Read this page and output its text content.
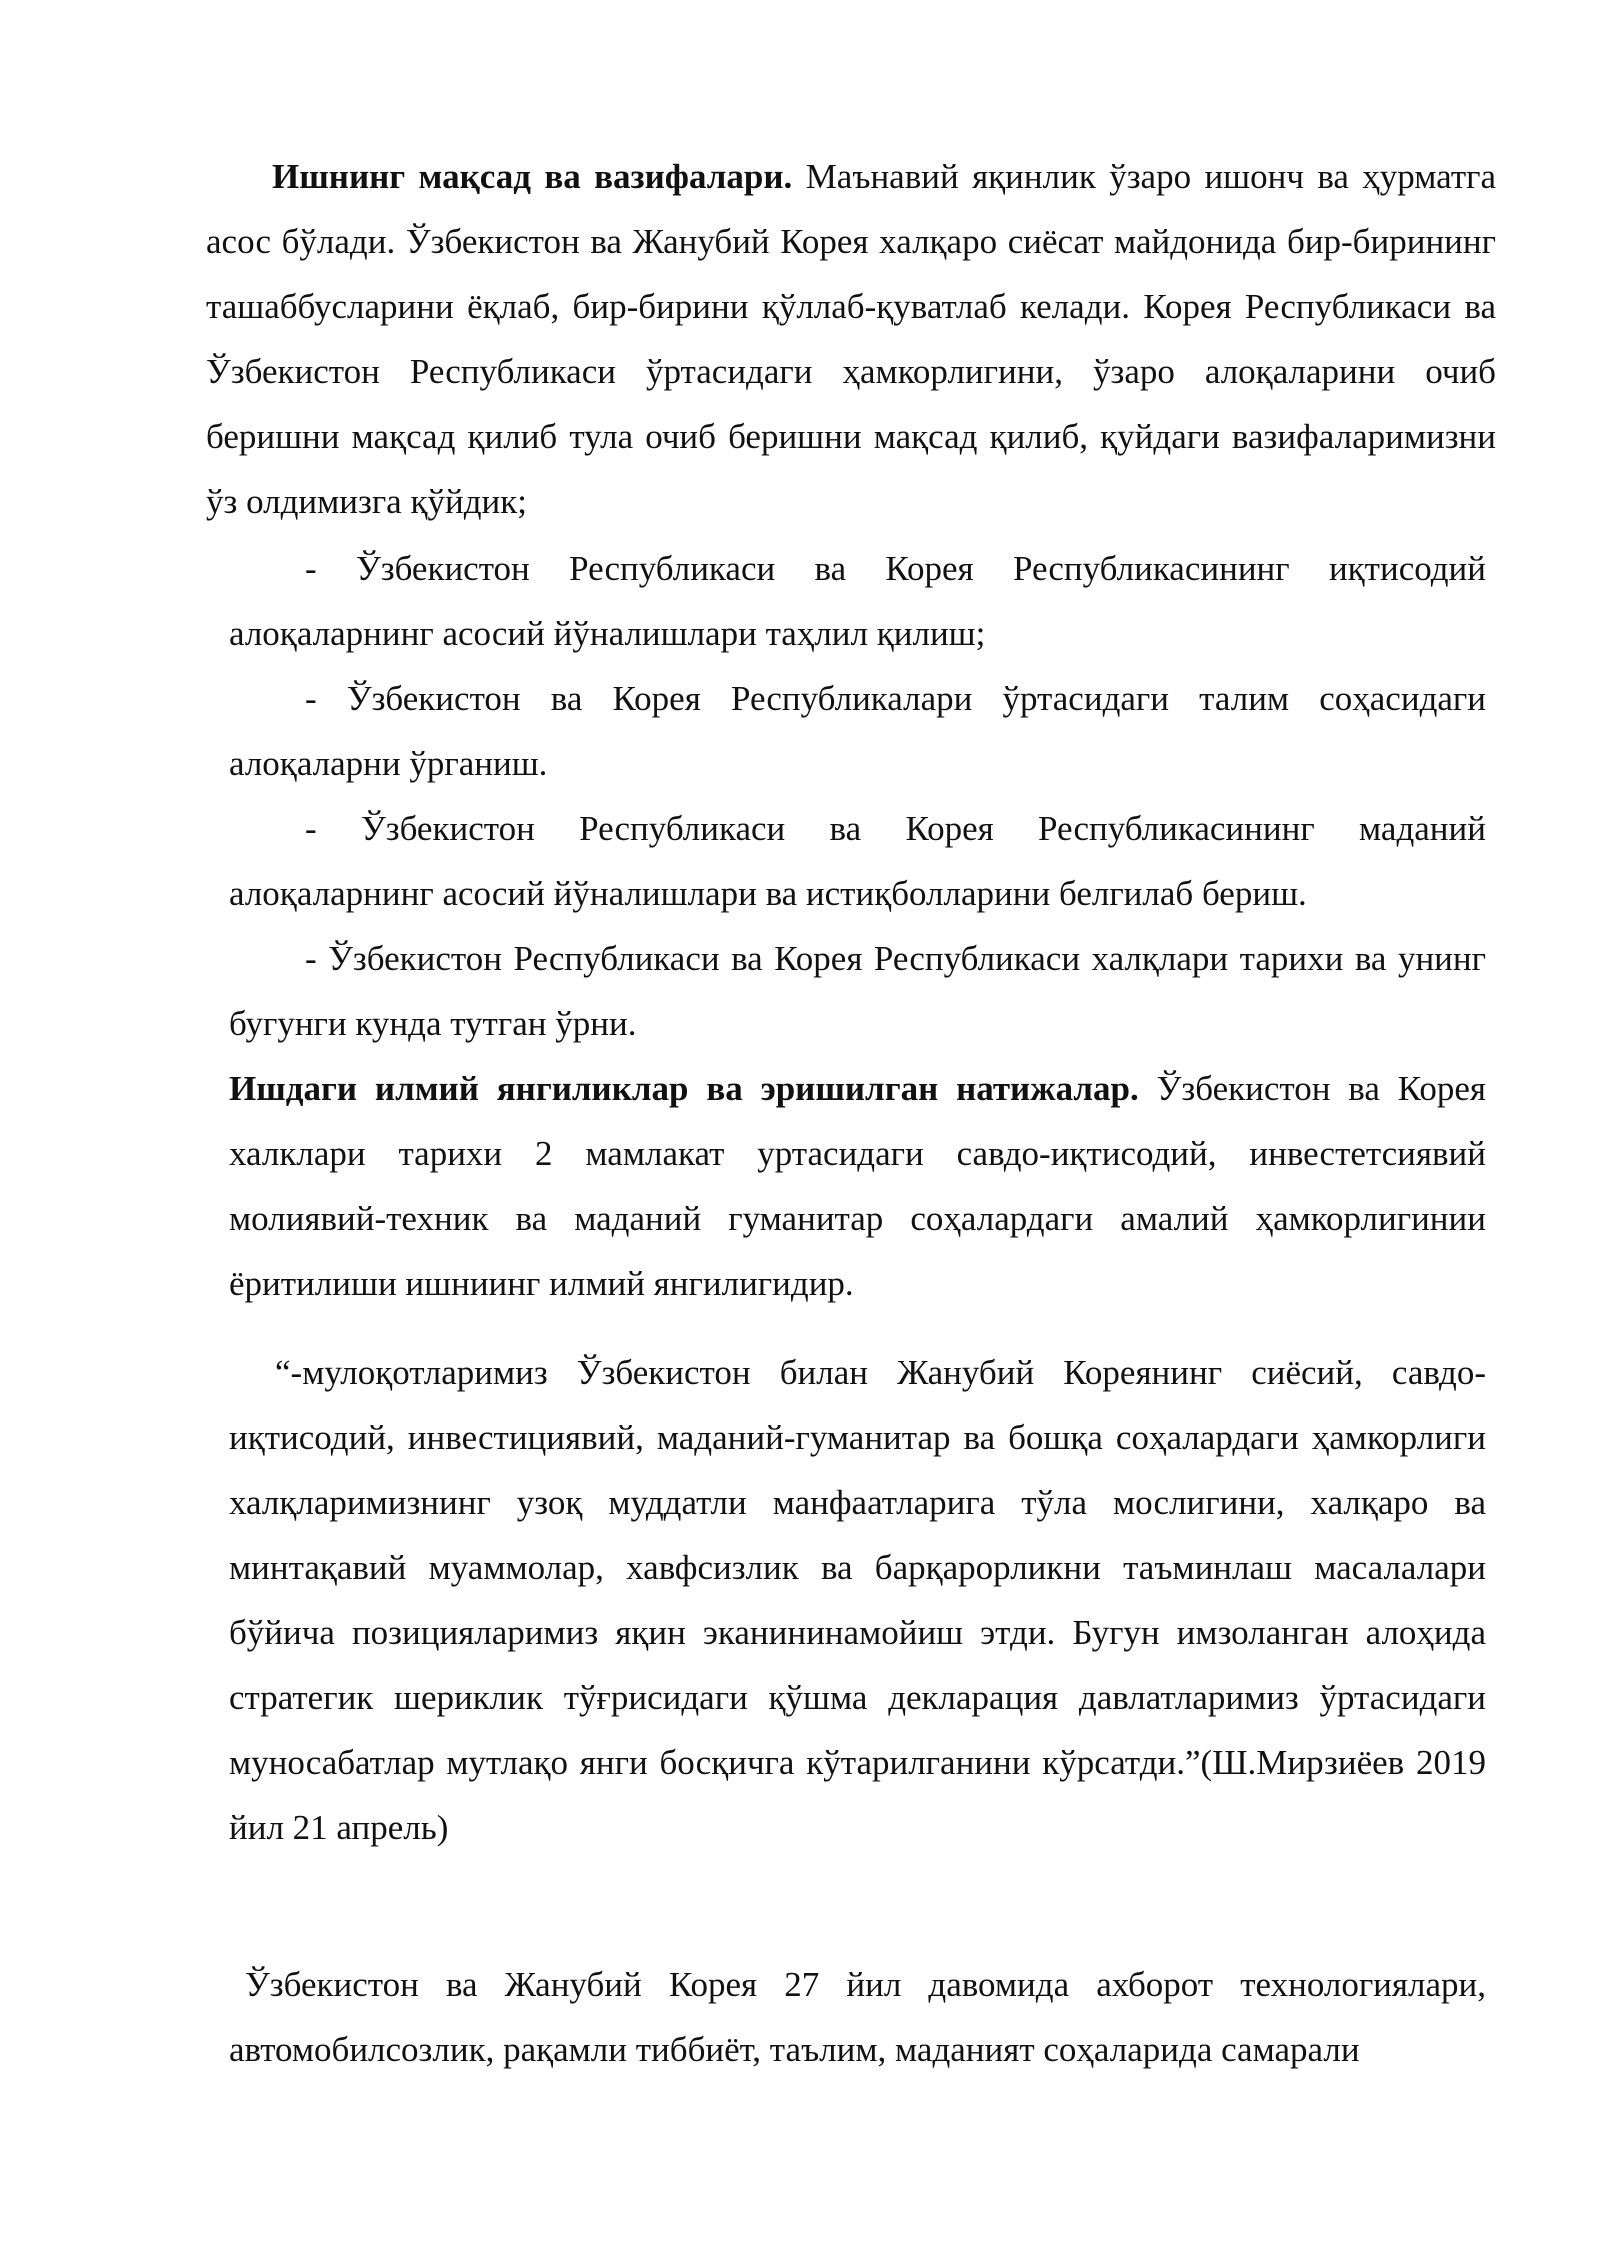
Ишнинг мақсад ва вазифалари. Маънавий яқинлик ўзаро ишонч ва ҳурматга асос бўлади. Ўзбекистон ва Жанубий Корея халқаро сиёсат майдонида бир-бирининг ташаббусларини ёқлаб, бир-бирини қўллаб-қуватлаб келади. Корея Республикаси ва Ўзбекистон Республикаси ўртасидаги ҳамкорлигини, ўзаро алоқаларини очиб беришни мақсад қилиб тула очиб беришни мақсад қилиб, қуйдаги вазифаларимизни ўз олдимизга қўйдик;

- Ўзбекистон Республикаси ва Корея Республикасининг иқтисодий алоқаларнинг асосий йўналишлари таҳлил қилиш;

- Ўзбекистон ва Корея Республикалари ўртасидаги талим соҳасидаги алоқаларни ўрганиш.

- Ўзбекистон Республикаси ва Корея Республикасининг маданий алоқаларнинг асосий йўналишлари ва истиқболларини белгилаб бериш.

- Ўзбекистон Республикаси ва Корея Республикаси халқлари тарихи ва унинг бугунги кунда тутган ўрни.

Ишдаги илмий янгиликлар ва эришилган натижалар. Ўзбекистон ва Корея халклари тарихи 2 мамлакат уртасидаги савдо-иқтисодий, инвестетсиявий молиявий-техник ва маданий гуманитар соҳалардаги амалий ҳамкорлигинии ёритилиши ишниинг илмий янгилигидир.

“-мулоқотларимиз Ўзбекистон билан Жанубий Кореянинг сиёсий, савдо-иқтисодий, инвестициявий, маданий-гуманитар ва бошқа соҳалардаги ҳамкорлиги халқларимизнинг узоқ муддатли манфаатларига тўла мослигини, халқаро ва минтақавий муаммолар, хавфсизлик ва барқарорликни таъминлаш масалалари бўйича позицияларимиз яқин эканининамойиш этди. Бугун имзоланган алоҳида стратегик шериклик тўғрисидаги қўшма декларация давлатларимиз ўртасидаги муносабатлар мутлақо янги босқичга кўтарилганини кўрсатди.”(Ш.Мирзиёев 2019 йил 21 апрель)

Ўзбекистон ва Жанубий Корея 27 йил давомида ахборот технологиялари, автомобилсозлик, рақамли тиббиёт, таълим, маданият соҳаларида самарали
